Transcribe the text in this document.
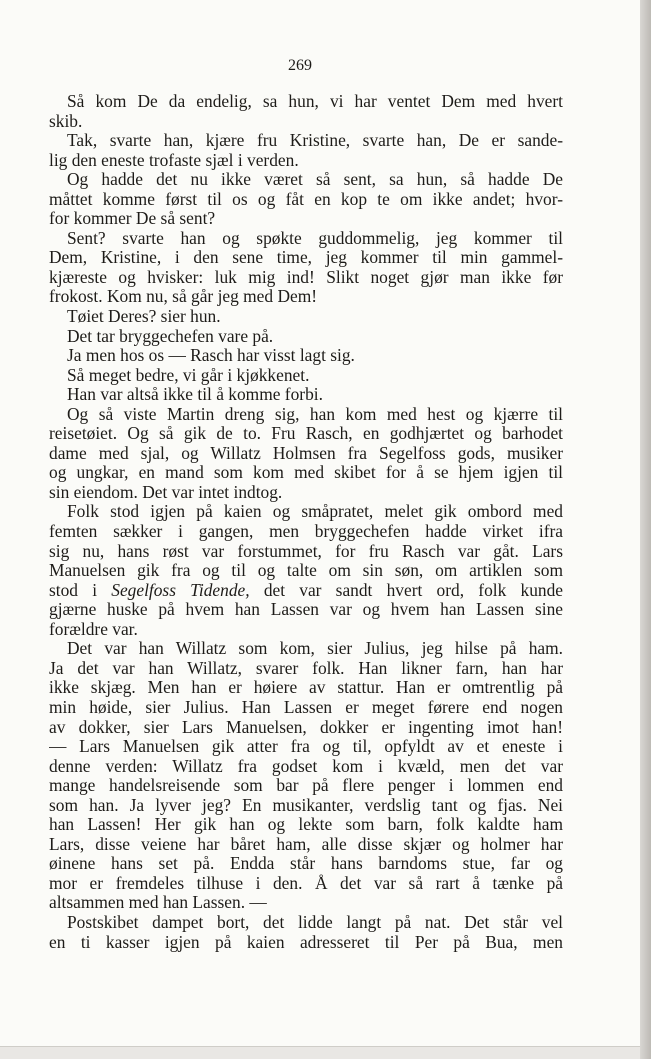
269
Så kom De da endelig, sa hun, vi har ventet Dem med hvert
skib.
Tak, svarte han, kjære fru Kristine, svarte han, De er sande-
lig den eneste trofaste sjæl i verden.
Og hadde det nu ikke været så sent, sa hun, så hadde De
måttet komme først til os og fåt en kop te om ikke andet; hvor-
for kommer De så sent?
Sent? svarte han og spøkte guddommelig, jeg kommer til
Dem, Kristine, i den sene time, jeg kommer til min gammel-
kjæreste og hvisker: luk mig ind! Slikt noget gjør man ikke før
frokost. Kom nu, så går jeg med Dem!
Tøiet Deres? sier hun.
Det tar bryggechefen vare på.
Ja men hos os — Rasch har visst lagt sig.
Så meget bedre, vi går i kjøkkenet.
Han var altså ikke til å komme forbi.
Og så viste Martin dreng sig, han kom med hest og kjærre til
reisetøiet. Og så gik de to. Fru Rasch, en godhjærtet og barhodet
dame med sjal, og Willatz Holmsen fra Segelfoss gods, musiker
og ungkar, en mand som kom med skibet for å se hjem igjen til
sin eiendom. Det var intet indtog.
Folk stod igjen på kaien og småpratet, melet gik ombord med
femten sækker i gangen, men bryggechefen hadde virket ifra
sig nu, hans røst var forstummet, for fru Rasch var gåt. Lars
Manuelsen gik fra og til og talte om sin søn, om artiklen som
stod i Segelfoss Tidende, det var sandt hvert ord, folk kunde
gjærne huske på hvem han Lassen var og hvem han Lassen sine
forældre var.
Det var han Willatz som kom, sier Julius, jeg hilse på ham.
Ja det var han Willatz, svarer folk. Han likner farn, han har
ikke skjæg. Men han er høiere av stattur. Han er omtrentlig på
min høide, sier Julius. Han Lassen er meget førere end nogen
av dokker, sier Lars Manuelsen, dokker er ingenting imot han!
— Lars Manuelsen gik atter fra og til, opfyldt av et eneste i
denne verden: Willatz fra godset kom i kvæld, men det var
mange handelsreisende som bar på flere penger i lommen end
som han. Ja lyver jeg? En musikanter, verdslig tant og fjas. Nei
han Lassen! Her gik han og lekte som barn, folk kaldte ham
Lars, disse veiene har båret ham, alle disse skjær og holmer har
øinene hans set på. Endda står hans barndoms stue, far og
mor er fremdeles tilhuse i den. Å det var så rart å tænke på
altsammen med han Lassen. —
Postskibet dampet bort, det lidde langt på nat. Det står vel
en ti kasser igjen på kaien adresseret til Per på Bua, men
